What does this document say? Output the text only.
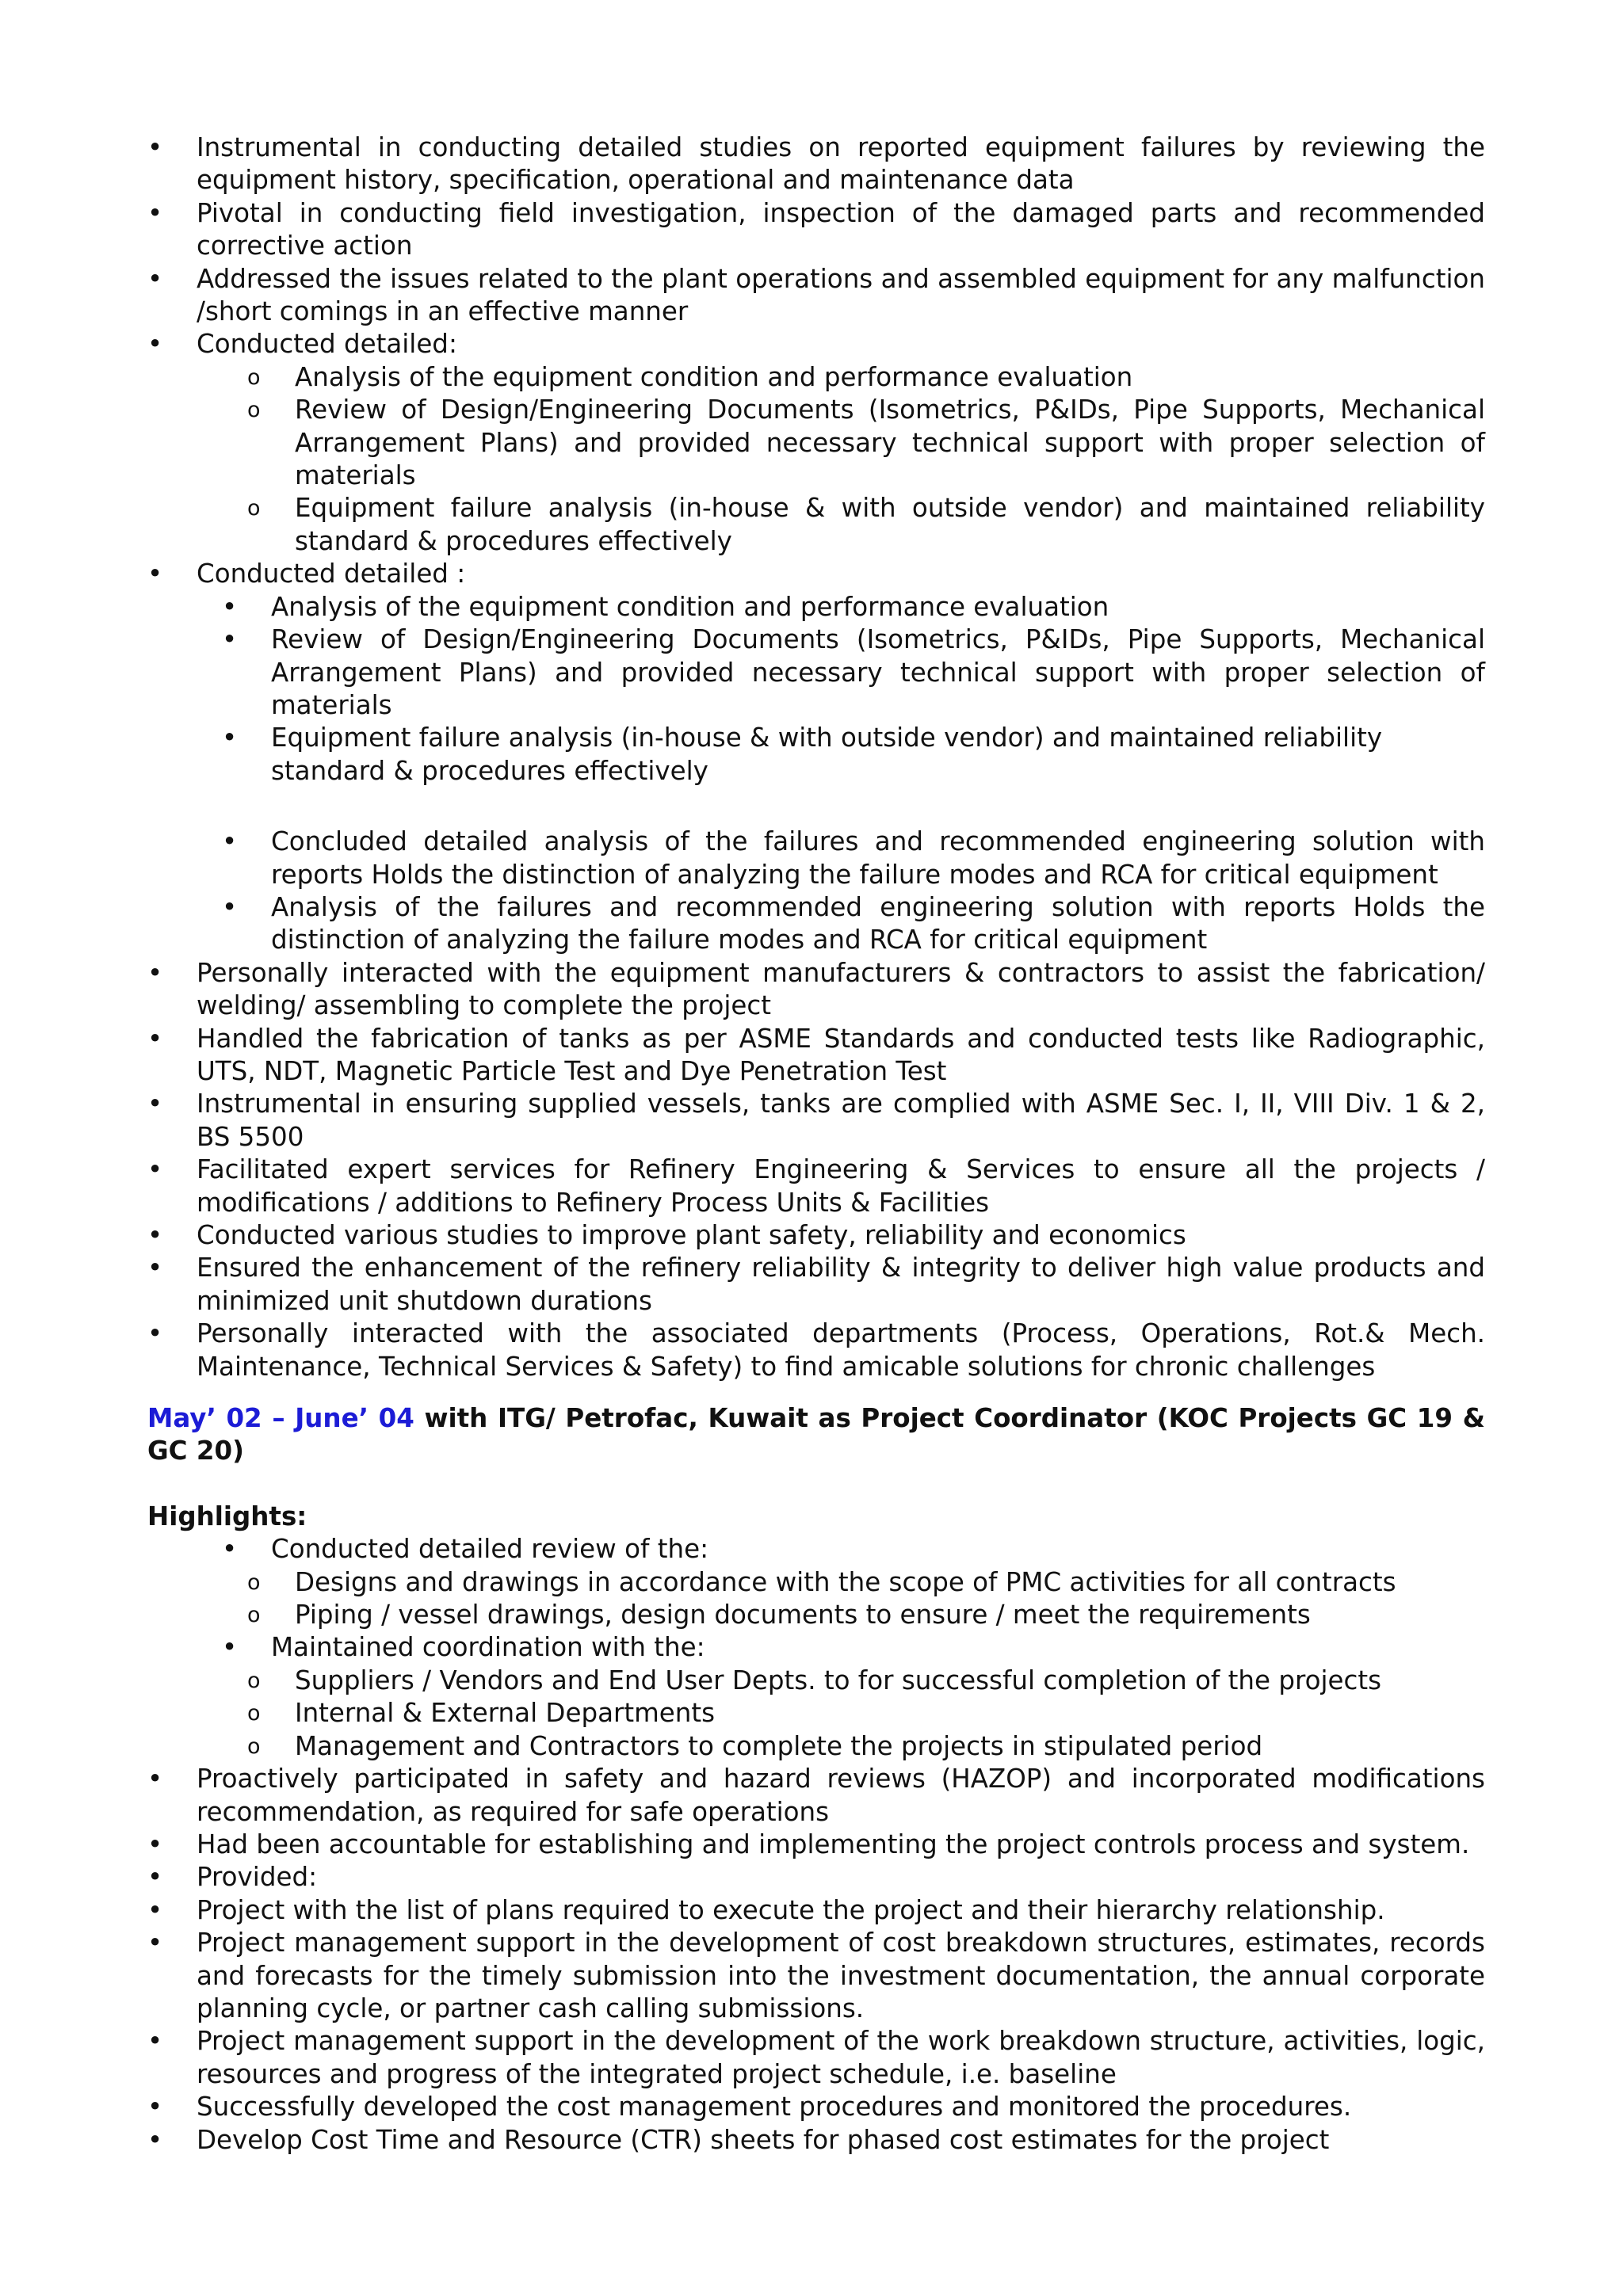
• Instrumental in conducting detailed studies on reported equipment failures by reviewing the equipment history, specification, operational and maintenance data
• Pivotal in conducting field investigation, inspection of the damaged parts and recommended corrective action
• Addressed the issues related to the plant operations and assembled equipment for any malfunction /short comings in an effective manner
• Conducted detailed:
o Analysis of the equipment condition and performance evaluation
o Review of Design/Engineering Documents (Isometrics, P&IDs, Pipe Supports, Mechanical Arrangement Plans) and provided necessary technical support with proper selection of materials
o Equipment failure analysis (in-house & with outside vendor) and maintained reliability standard & procedures effectively
• Conducted detailed :
• Analysis of the equipment condition and performance evaluation
• Review of Design/Engineering Documents (Isometrics, P&IDs, Pipe Supports, Mechanical Arrangement Plans) and provided necessary technical support with proper selection of materials
• Equipment failure analysis (in-house & with outside vendor) and maintained reliability standard & procedures effectively
• Concluded detailed analysis of the failures and recommended engineering solution with reports Holds the distinction of analyzing the failure modes and RCA for critical equipment
• Analysis of the failures and recommended engineering solution with reports Holds the distinction of analyzing the failure modes and RCA for critical equipment
• Personally interacted with the equipment manufacturers & contractors to assist the fabrication/ welding/ assembling to complete the project
• Handled the fabrication of tanks as per ASME Standards and conducted tests like Radiographic, UTS, NDT, Magnetic Particle Test and Dye Penetration Test
• Instrumental in ensuring supplied vessels, tanks are complied with ASME Sec. I, II, VIII Div. 1 & 2, BS 5500
• Facilitated expert services for Refinery Engineering & Services to ensure all the projects / modifications / additions to Refinery Process Units & Facilities
• Conducted various studies to improve plant safety, reliability and economics
• Ensured the enhancement of the refinery reliability & integrity to deliver high value products and minimized unit shutdown durations
• Personally interacted with the associated departments (Process, Operations, Rot.& Mech. Maintenance, Technical Services & Safety) to find amicable solutions for chronic challenges
May’ 02 – June’ 04 with ITG/ Petrofac, Kuwait as Project Coordinator (KOC Projects GC 19 & GC 20)
Highlights:
• Conducted detailed review of the:
o Designs and drawings in accordance with the scope of PMC activities for all contracts
o Piping / vessel drawings, design documents to ensure / meet the requirements
• Maintained coordination with the:
o Suppliers / Vendors and End User Depts. to for successful completion of the projects
o Internal & External Departments
o Management and Contractors to complete the projects in stipulated period
• Proactively participated in safety and hazard reviews (HAZOP) and incorporated modifications recommendation, as required for safe operations
• Had been accountable for establishing and implementing the project controls process and system.
• Provided:
• Project with the list of plans required to execute the project and their hierarchy relationship.
• Project management support in the development of cost breakdown structures, estimates, records and forecasts for the timely submission into the investment documentation, the annual corporate planning cycle, or partner cash calling submissions.
• Project management support in the development of the work breakdown structure, activities, logic, resources and progress of the integrated project schedule, i.e. baseline
• Successfully developed the cost management procedures and monitored the procedures.
• Develop Cost Time and Resource (CTR) sheets for phased cost estimates for the project
